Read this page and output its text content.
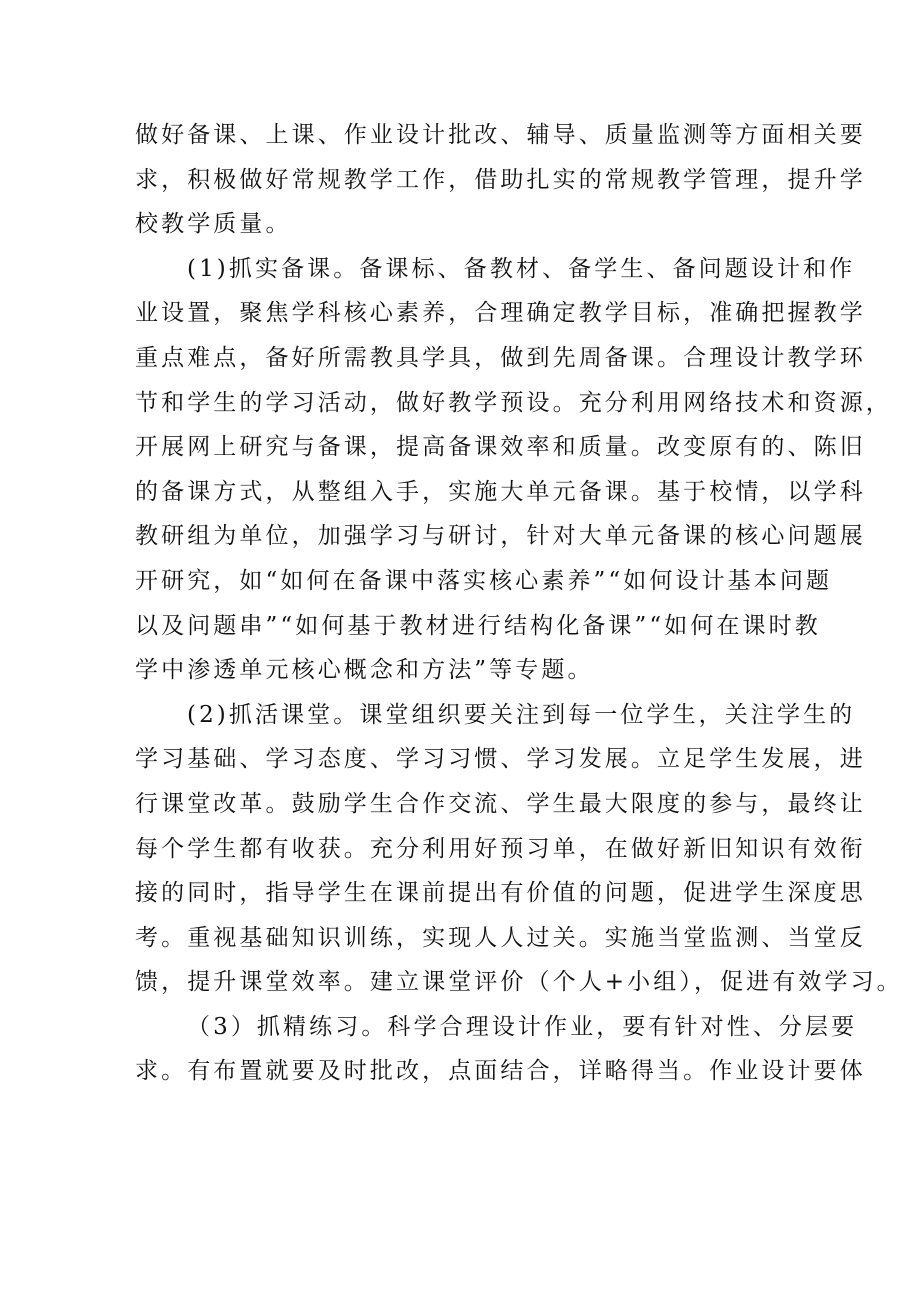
做好备课、上课、作业设计批改、辅导、质量监测等方面相关要
求，积极做好常规教学工作，借助扎实的常规教学管理，提升学
校教学质量。
(1)抓实备课。备课标、备教材、备学生、备问题设计和作
业设置，聚焦学科核心素养，合理确定教学目标，准确把握教学
重点难点，备好所需教具学具，做到先周备课。合理设计教学环
节和学生的学习活动，做好教学预设。充分利用网络技术和资源，
开展网上研究与备课，提高备课效率和质量。改变原有的、陈旧
的备课方式，从整组入手，实施大单元备课。基于校情，以学科
教研组为单位，加强学习与研讨，针对大单元备课的核心问题展
开研究，如“如何在备课中落实核心素养”“如何设计基本问题
以及问题串”“如何基于教材进行结构化备课”“如何在课时教
学中渗透单元核心概念和方法”等专题。
(2)抓活课堂。课堂组织要关注到每一位学生，关注学生的
学习基础、学习态度、学习习惯、学习发展。立足学生发展，进
行课堂改革。鼓励学生合作交流、学生最大限度的参与，最终让
每个学生都有收获。充分利用好预习单，在做好新旧知识有效衔
接的同时，指导学生在课前提出有价值的问题，促进学生深度思
考。重视基础知识训练，实现人人过关。实施当堂监测、当堂反
馈，提升课堂效率。建立课堂评价（个人+小组），促进有效学习。
（3）抓精练习。科学合理设计作业，要有针对性、分层要
求。有布置就要及时批改，点面结合，详略得当。作业设计要体
